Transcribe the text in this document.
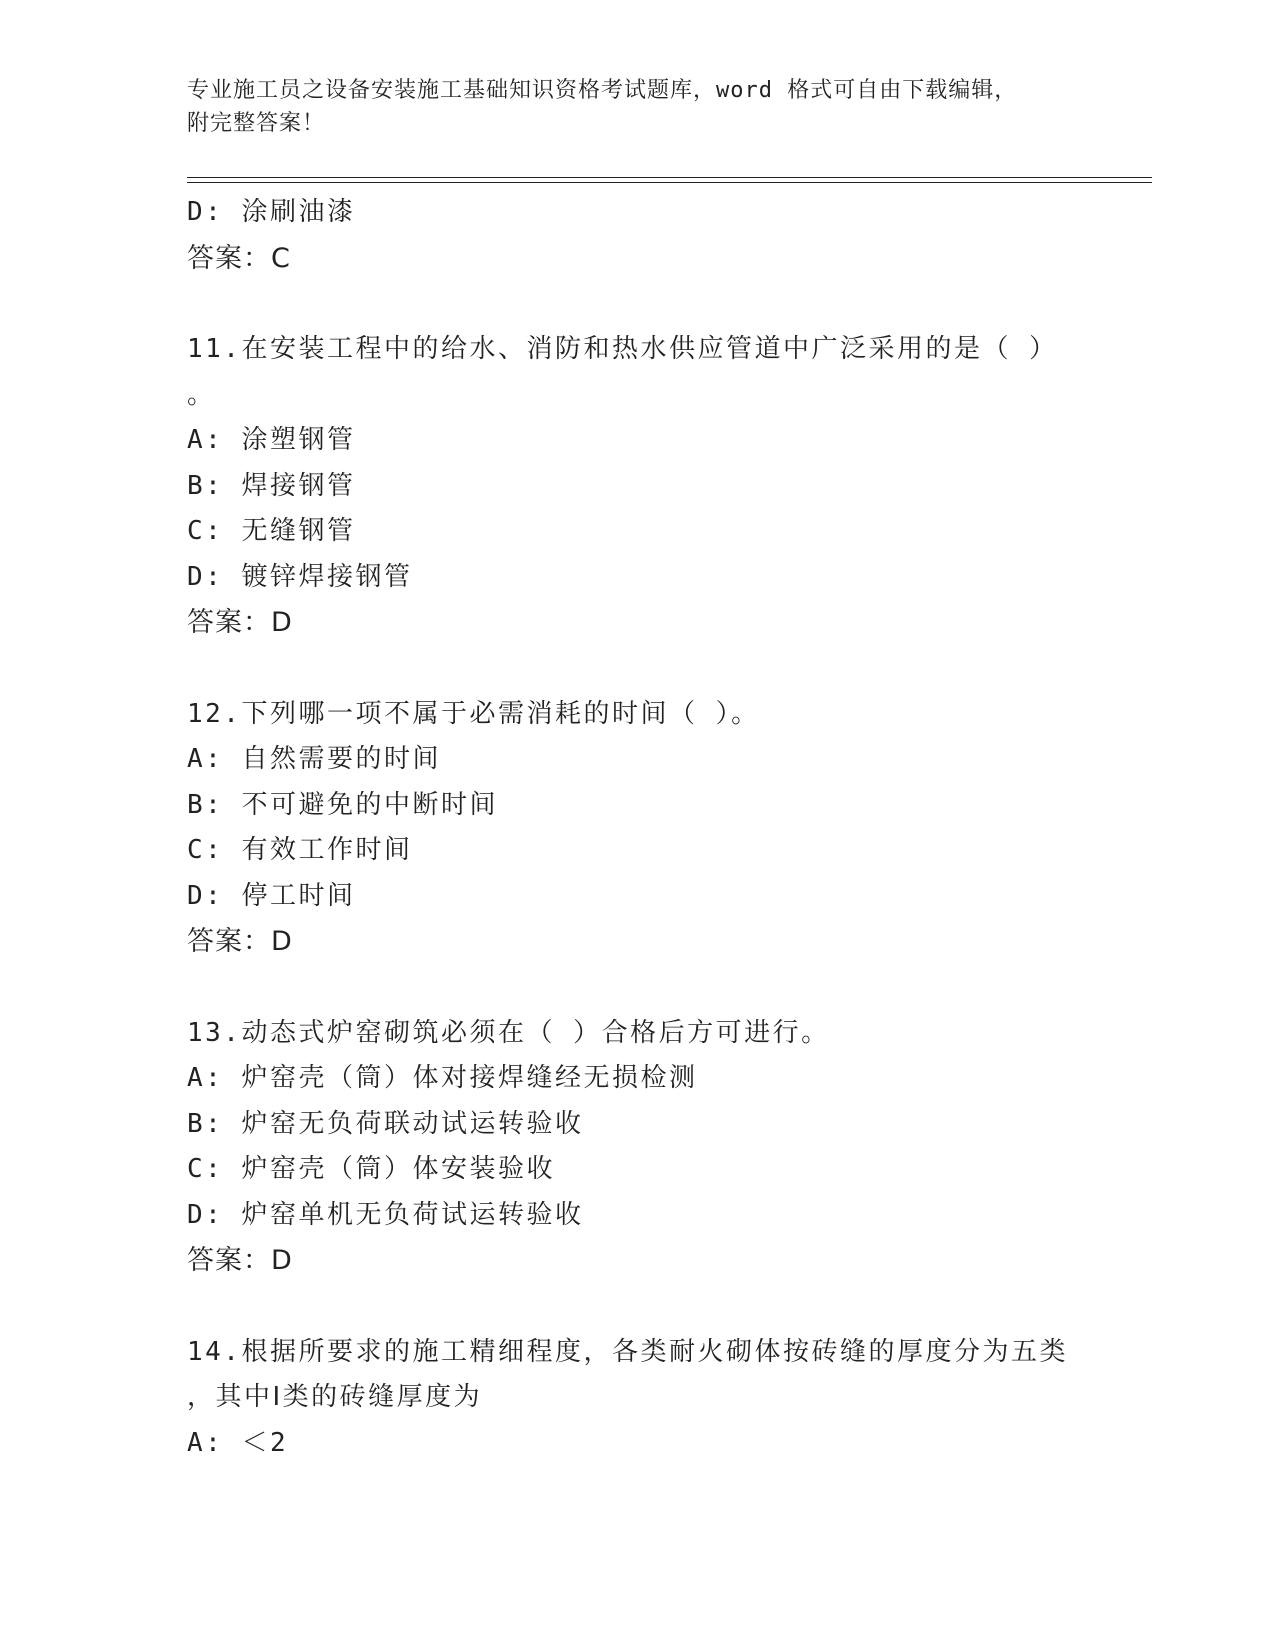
专业施工员之设备安装施工基础知识资格考试题库，word 格式可自由下载编辑，
附完整答案！
D: 涂刷油漆
答案：C
11.在安装工程中的给水、消防和热水供应管道中广泛采用的是（ ）
。
A: 涂塑钢管
B: 焊接钢管
C: 无缝钢管
D: 镀锌焊接钢管
答案：D
12.下列哪一项不属于必需消耗的时间（ ）。
A: 自然需要的时间
B: 不可避免的中断时间
C: 有效工作时间
D: 停工时间
答案：D
13.动态式炉窑砌筑必须在（ ）合格后方可进行。
A: 炉窑壳（筒）体对接焊缝经无损检测
B: 炉窑无负荷联动试运转验收
C: 炉窑壳（筒）体安装验收
D: 炉窑单机无负荷试运转验收
答案：D
14.根据所要求的施工精细程度，各类耐火砌体按砖缝的厚度分为五类
，其中Ⅰ类的砖缝厚度为
A: ＜2
